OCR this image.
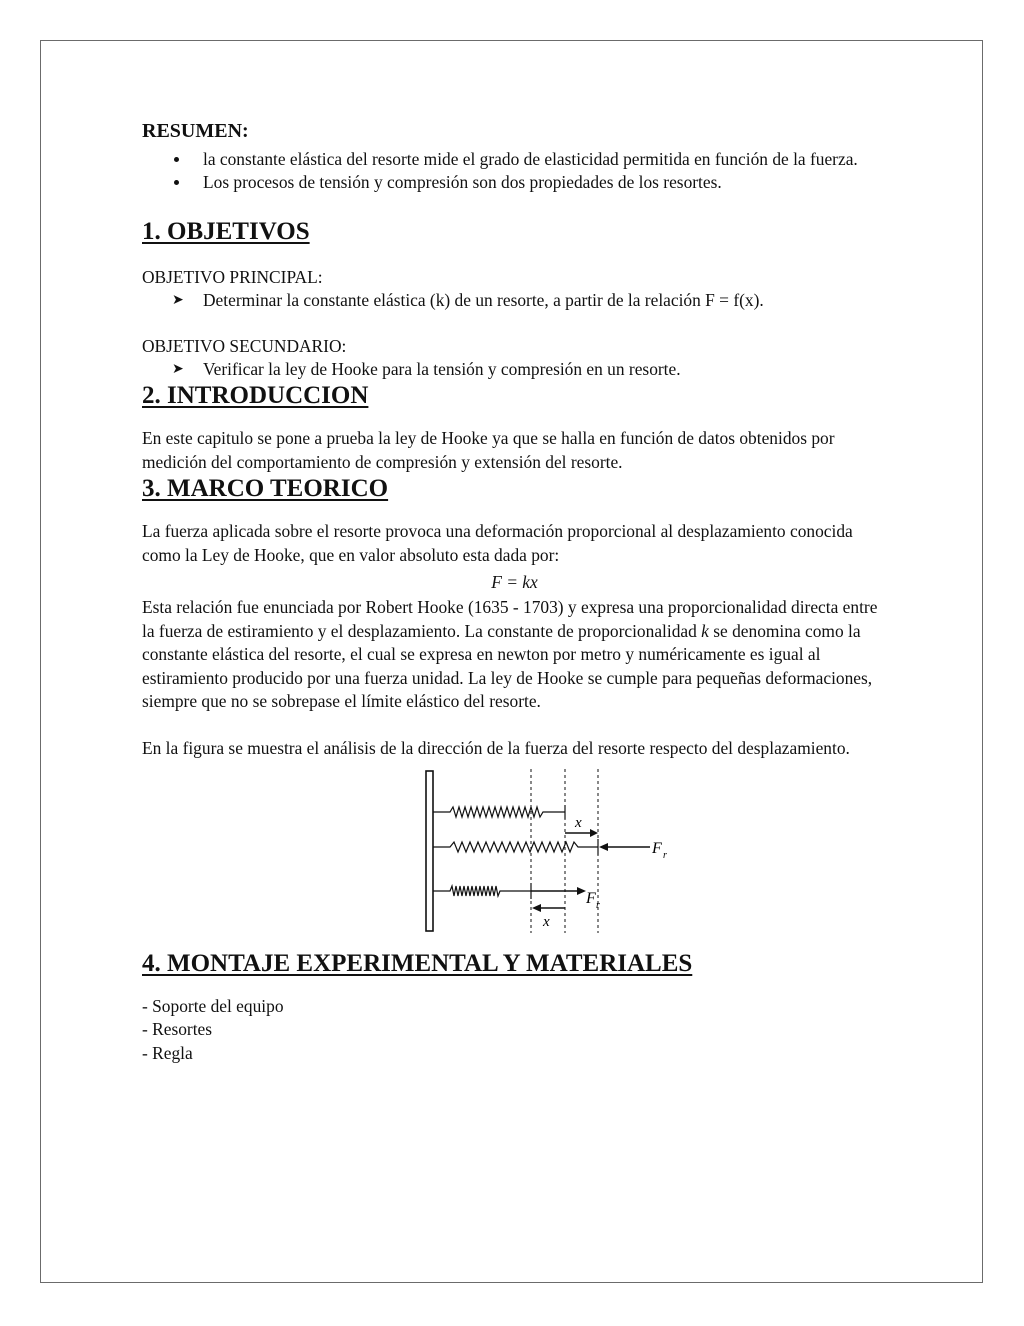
RESUMEN:
la constante elástica del resorte mide el grado de elasticidad permitida en función de la fuerza.
Los procesos de tensión y compresión son dos propiedades de los resortes.
1. OBJETIVOS

OBJETIVO PRINCIPAL:

➤ Determinar la constante elástica (k) de un resorte, a partir de la relación F = f(x).

OBJETIVO SECUNDARIO:

➤ Verificar la ley de Hooke para la tensión y compresión en un resorte.
2. INTRODUCCION

En este capitulo se pone a prueba la ley de Hooke ya que se halla en función de datos obtenidos por medición del comportamiento de compresión y extensión del resorte.

3. MARCO TEORICO

La fuerza aplicada sobre el resorte provoca una deformación proporcional al desplazamiento conocida como la Ley de Hooke, que en valor absoluto esta dada por:

F = kx

Esta relación fue enunciada por Robert Hooke (1635 - 1703) y expresa una proporcionalidad directa entre la fuerza de estiramiento y el desplazamiento. La constante de proporcionalidad k se denomina como la constante elástica del resorte, el cual se expresa en newton por metro y numéricamente es igual al estiramiento producido por una fuerza unidad. La ley de Hooke se cumple para pequeñas deformaciones, siempre que no se sobrepase el límite elástico del resorte.

En la figura se muestra el análisis de la dirección de la fuerza del resorte respecto del desplazamiento.

x
F r
F r
x
4. MONTAJE EXPERIMENTAL Y MATERIALES
- Soporte del equipo
- Resortes
- Regla
